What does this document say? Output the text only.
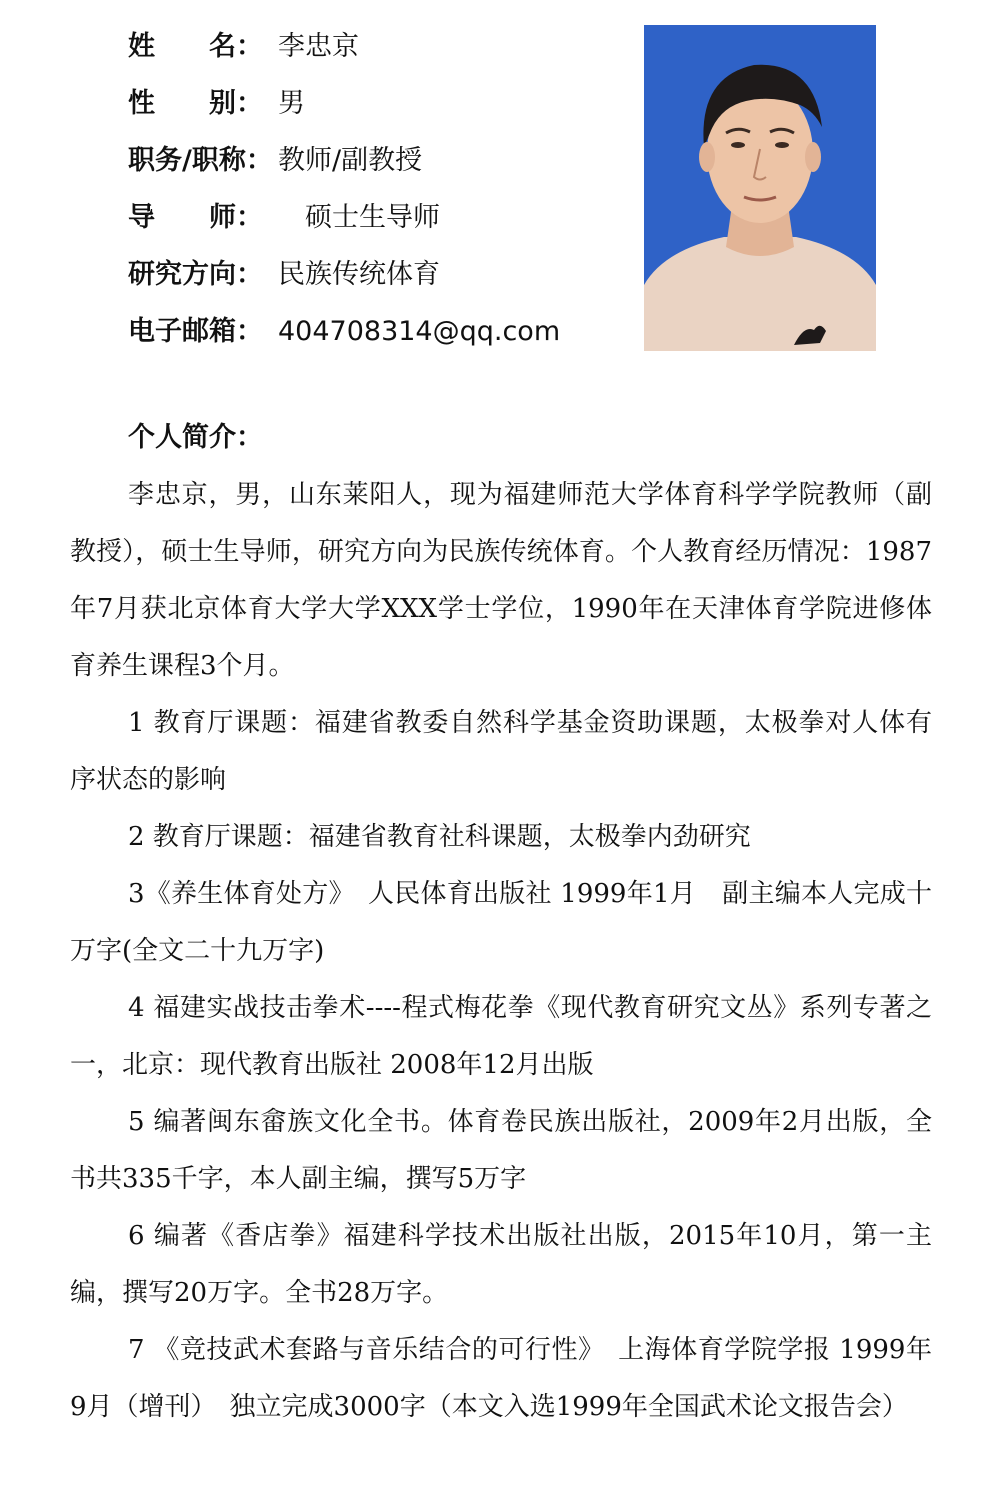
姓　　名： 李忠京
性　　别： 男
职务/职称： 教师/副教授
导　　师：　硕士生导师
研究方向： 民族传统体育
电子邮箱： 404708314@qq.com
个人简介：

李忠京，男，山东莱阳人，现为福建师范大学体育科学学院教师（副教授），硕士生导师，研究方向为民族传统体育。个人教育经历情况：1987年7月获北京体育大学大学XXX学士学位，1990年在天津体育学院进修体育养生课程3个月。

1 教育厅课题：福建省教委自然科学基金资助课题，太极拳对人体有序状态的影响

2 教育厅课题：福建省教育社科课题，太极拳内劲研究

3《养生体育处方》　人民体育出版社 1999年1月　副主编本人完成十万字(全文二十九万字)

4 福建实战技击拳术----程式梅花拳《现代教育研究文丛》系列专著之一，北京：现代教育出版社 2008年12月出版

5 编著闽东畲族文化全书。体育卷民族出版社，2009年2月出版，全书共335千字，本人副主编，撰写5万字

6 编著《香店拳》福建科学技术出版社出版，2015年10月，第一主编，撰写20万字。全书28万字。

7 《竞技武术套路与音乐结合的可行性》　上海体育学院学报 1999年9月（增刊）　独立完成3000字（本文入选1999年全国武术论文报告会）
